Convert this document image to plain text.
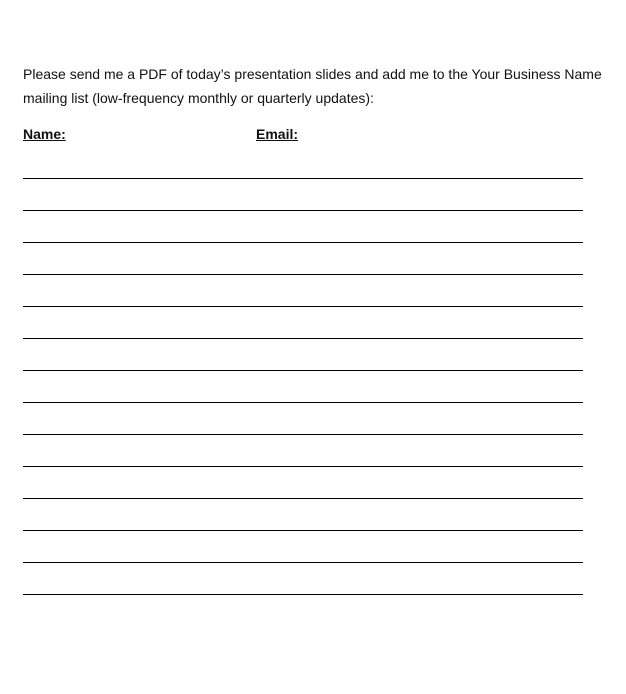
Please send me a PDF of today’s presentation slides and add me to the Your Business Name
mailing list (low-frequency monthly or quarterly updates):

Name:	Email:
